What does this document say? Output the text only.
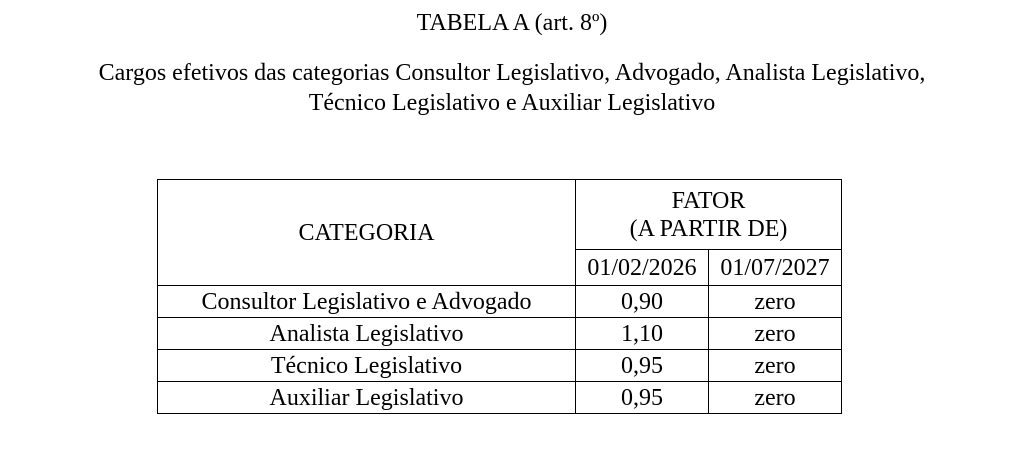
TABELA A (art. 8º)
Cargos efetivos das categorias Consultor Legislativo, Advogado, Analista Legislativo,
Técnico Legislativo e Auxiliar Legislativo
CATEGORIA	FATOR
(A PARTIR DE)	

	01/02/2026	01/07/2027
Consultor Legislativo e Advogado	0,90	zero
Analista Legislativo	1,10	zero
Técnico Legislativo	0,95	zero
Auxiliar Legislativo	0,95	zero
